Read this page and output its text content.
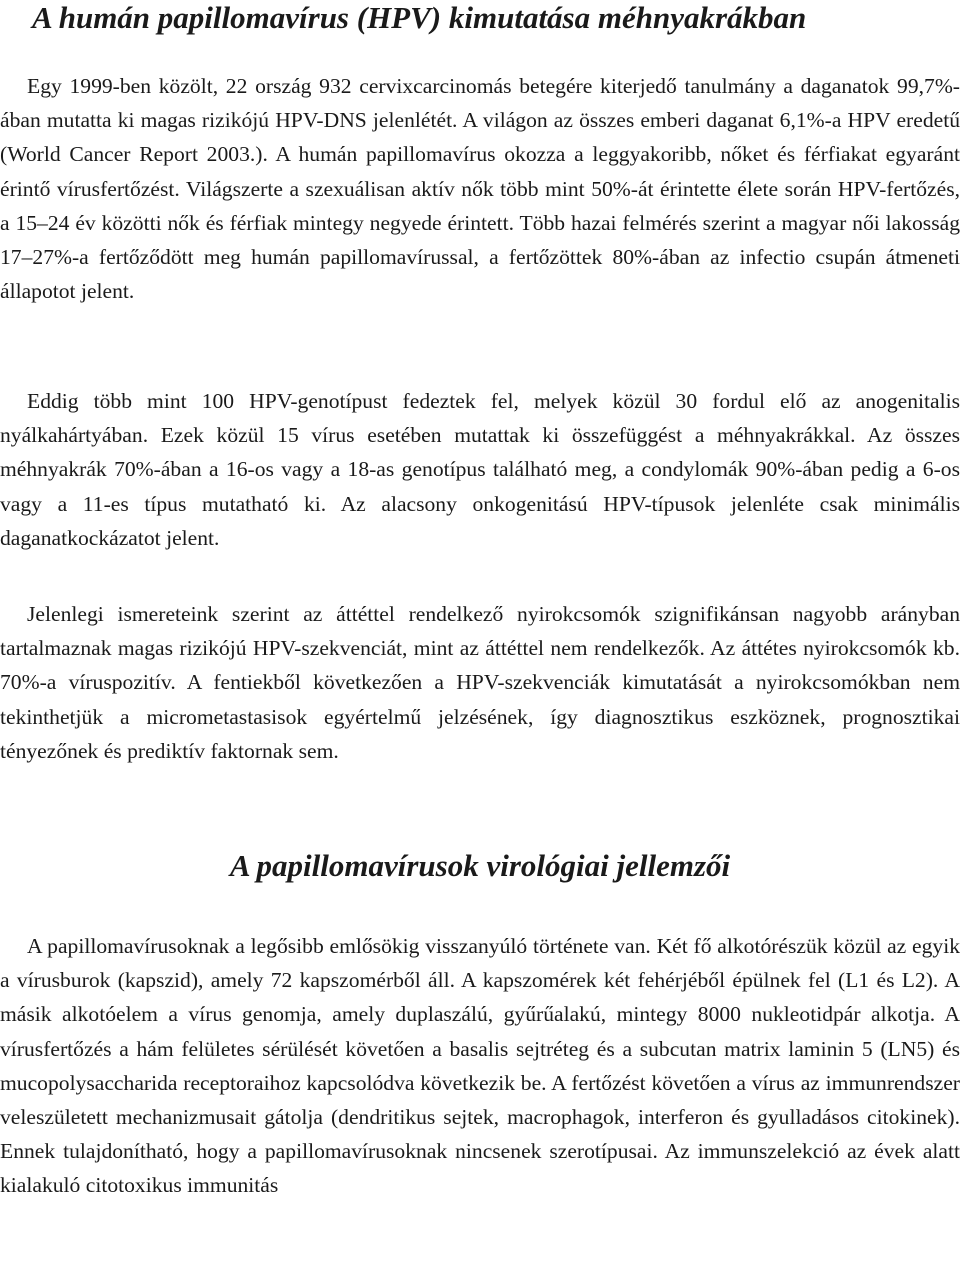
A humán papillomavírus (HPV) kimutatása méhnyakrákban

Egy 1999-ben közölt, 22 ország 932 cervixcarcinomás betegére kiterjedő tanulmány a daganatok 99,7%-ában mutatta ki magas rizikójú HPV-DNS jelenlétét. A világon az összes emberi daganat 6,1%-a HPV eredetű (World Cancer Report 2003.). A humán papillomavírus okozza a leggyakoribb, nőket és férfiakat egyaránt érintő vírusfertőzést. Világszerte a szexuálisan aktív nők több mint 50%-át érintette élete során HPV-fertőzés, a 15–24 év közötti nők és férfiak mintegy negyede érintett. Több hazai felmérés szerint a magyar női lakosság 17–27%-a fertőződött meg humán papillomavírussal, a fertőzöttek 80%-ában az infectio csupán átmeneti állapotot jelent.

Eddig több mint 100 HPV-genotípust fedeztek fel, melyek közül 30 fordul elő az anogenitalis nyálkahártyában. Ezek közül 15 vírus esetében mutattak ki összefüggést a méhnyakrákkal. Az összes méhnyakrák 70%-ában a 16-os vagy a 18-as genotípus található meg, a condylomák 90%-ában pedig a 6-os vagy a 11-es típus mutatható ki. Az alacsony onkogenitású HPV-típusok jelenléte csak minimális daganatkockázatot jelent.

Jelenlegi ismereteink szerint az áttéttel rendelkező nyirokcsomók szignifikánsan nagyobb arányban tartalmaznak magas rizikójú HPV-szekvenciát, mint az áttéttel nem rendelkezők. Az áttétes nyirokcsomók kb. 70%-a víruspozitív. A fentiekből következően a HPV-szekvenciák kimutatását a nyirokcsomókban nem tekinthetjük a micrometastasisok egyértelmű jelzésének, így diagnosztikus eszköznek, prognosztikai tényezőnek és prediktív faktornak sem.

A papillomavírusok virológiai jellemzői

A papillomavírusoknak a legősibb emlősökig visszanyúló története van. Két fő alkotórészük közül az egyik a vírusburok (kapszid), amely 72 kapszomérből áll. A kapszomérek két fehérjéből épülnek fel (L1 és L2). A másik alkotóelem a vírus genomja, amely duplaszálú, gyűrűalakú, mintegy 8000 nukleotidpár alkotja. A vírusfertőzés a hám felületes sérülését követően a basalis sejtréteg és a subcutan matrix laminin 5 (LN5) és mucopolysaccharida receptoraihoz kapcsolódva következik be. A fertőzést követően a vírus az immunrendszer veleszületett mechanizmusait gátolja (dendritikus sejtek, macrophagok, interferon és gyulladásos citokinek). Ennek tulajdonítható, hogy a papillomavírusoknak nincsenek szerotípusai. Az immunszelekció az évek alatt kialakuló citotoxikus immunitás
